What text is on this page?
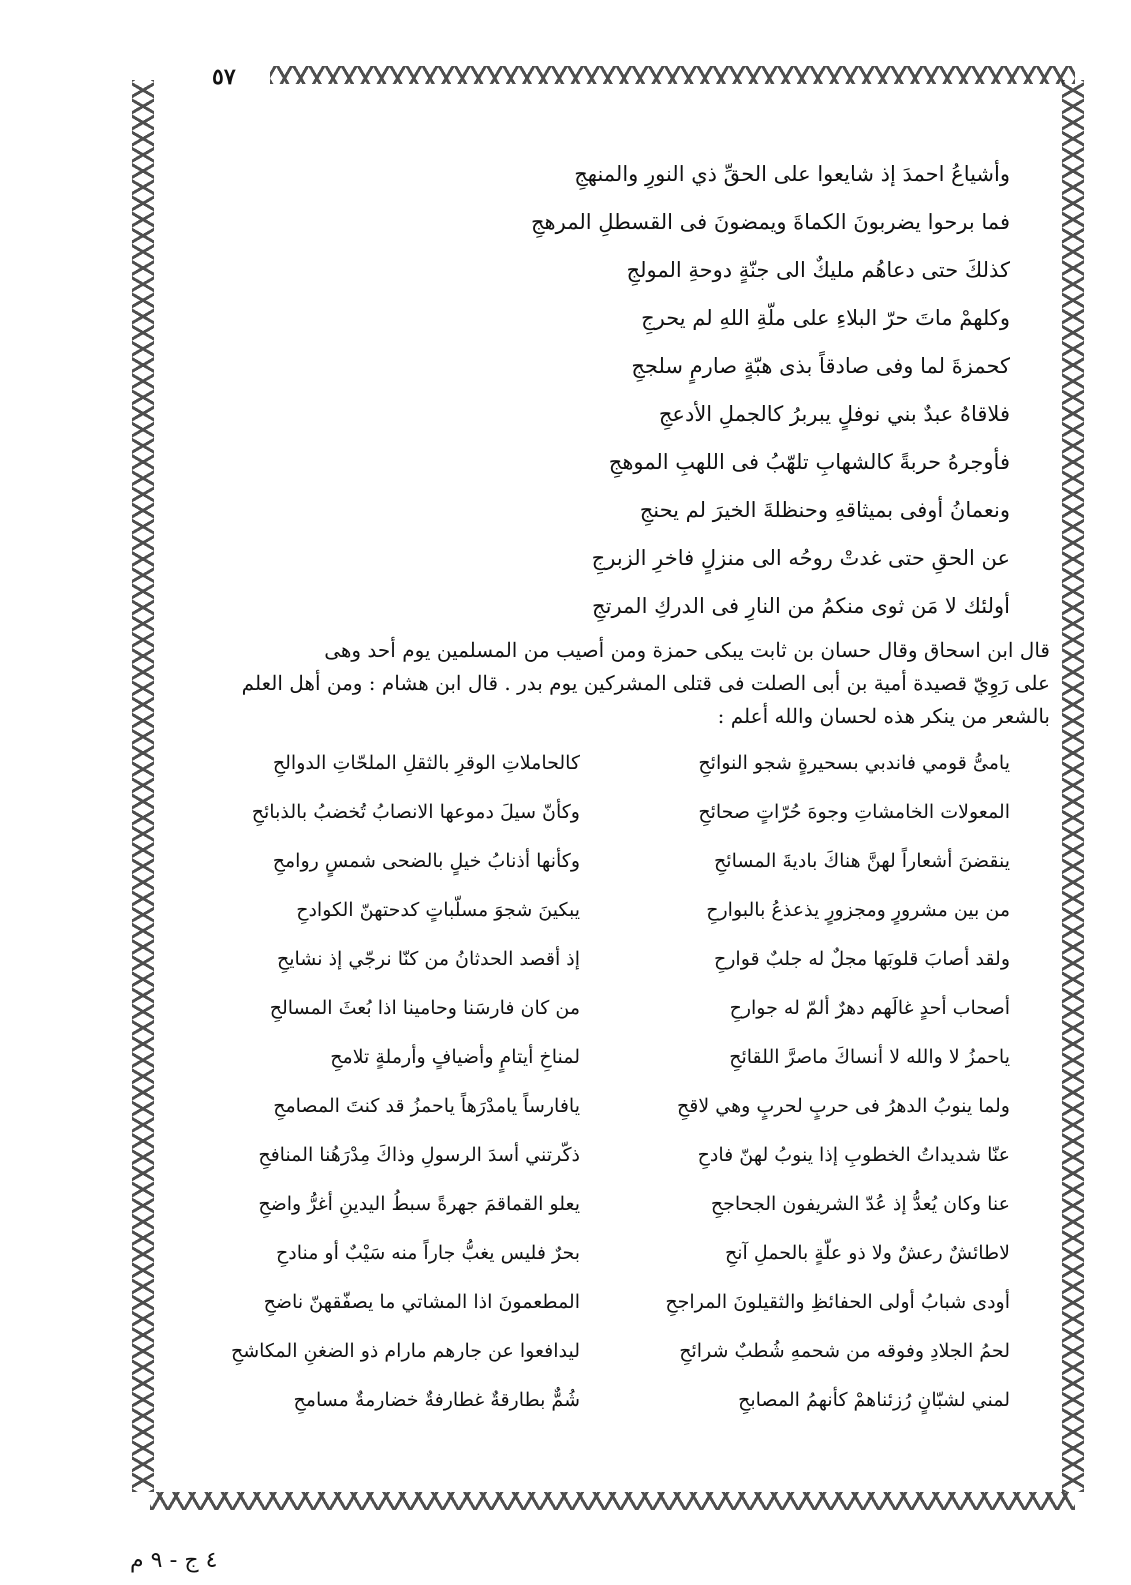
٥٧
وأشياعُ احمدَ إذ شايعوا على الحقِّ ذي النورِ والمنهجِ
فما برحوا يضربونَ الكماةَ ويمضونَ فى القسطلِ المرهجِ
كذلكَ حتى دعاهُم مليكٌ الى جنّةٍ دوحةِ المولجِ
وكلهمْ ماتَ حرّ البلاءِ على ملّةِ اللهِ لم يحرجِ
كحمزةَ لما وفى صادقاً بذى هبّةٍ صارمٍ سلججِ
فلاقاهُ عبدٌ بني نوفلٍ يبربرُ كالجملِ الأدعجِ
فأوجرهُ حربةً كالشهابِ تلهّبُ فى اللهبِ الموهجِ
ونعمانُ أوفى بميثاقهِ وحنظلةَ الخيرَ لم يحنجِ
عن الحقِ حتى غدتْ روحُه الى منزلٍ فاخرِ الزبرجِ
أولئك لا مَن ثوى منكمُ من النارِ فى الدركِ المرتجِ

قال ابن اسحاق وقال حسان بن ثابت يبكى حمزة ومن أصيب من المسلمين يوم أحد وهى

على رَوِيّ قصيدة أمية بن أبى الصلت فى قتلى المشركين يوم بدر . قال ابن هشام : ومن أهل العلم

بالشعر من ينكر هذه لحسان والله أعلم :

يامىُّ قومي فاندبي بسحيرةٍ شجو النوائحِ
المعولات الخامشاتِ وجوهَ حُرّاتٍ صحائحِ
ينقضنَ أشعاراً لهنَّ هناكَ باديةَ المسائحِ
من بين مشرورٍ ومجزورٍ يذعذعُ بالبوارحِ
ولقد أصابَ قلوبَها مجلٌ له جلبٌ قوارحِ
أصحاب أحدٍ غالَهم دهرٌ ألمّ له جوارحِ
ياحمزُ لا والله لا أنساكَ ماصرَّ اللقائحِ
ولما ينوبُ الدهرُ فى حربٍ لحربٍ وهي لاقحِ
عنّا شديداتُ الخطوبِ إذا ينوبُ لهنّ فادحِ
عنا وكان يُعدُّ إذ عُدّ الشريفون الجحاجحِ
لاطائشٌ رعشٌ ولا ذو علّةٍ بالحملِ آنحِ
أودى شبابُ أولى الحفائظِ والثقيلونَ المراجحِ
لحمُ الجلادِ وفوقه من شحمهِ شُطبٌ شرائحِ
لمني لشبّانٍ رُزئناهمْ كأنهمُ المصابحِ
كالحاملاتِ الوقرِ بالثقلِ الملحّاتِ الدوالحِ
وكأنّ سيلَ دموعها الانصابُ تُخضبُ بالذبائحِ
وكأنها أذنابُ خيلٍ بالضحى شمسٍ روامحِ
يبكينَ شجوَ مسلّباتٍ كدحتهنّ الكوادحِ
إذ أقصد الحدثانُ من كنّا نرجّي إذ نشايحِ
من كان فارسَنا وحامينا اذا بُعثَ المسالحِ
لمناخِ أيتامٍ وأضيافٍ وأرملةٍ تلامحِ
يافارساً يامدْرَهاً ياحمزُ قد كنتَ المصامحِ
ذكّرتني أسدَ الرسولِ وذاكَ مِدْرَهُنا المنافحِ
يعلو القماقمَ جهرةً سبطُ اليدينِ أغرُّ واضحِ
بحرٌ فليس يغبُّ جاراً منه سَيْبٌ أو منادحِ
المطعمونَ اذا المشاتي ما يصفّقهنّ ناضحِ
ليدافعوا عن جارهم مارام ذو الضغنِ المكاشحِ
شُمٌّ بطارقةٌ غطارفةٌ خضارمةٌ مسامحِ
٤ ج - ٩ م
